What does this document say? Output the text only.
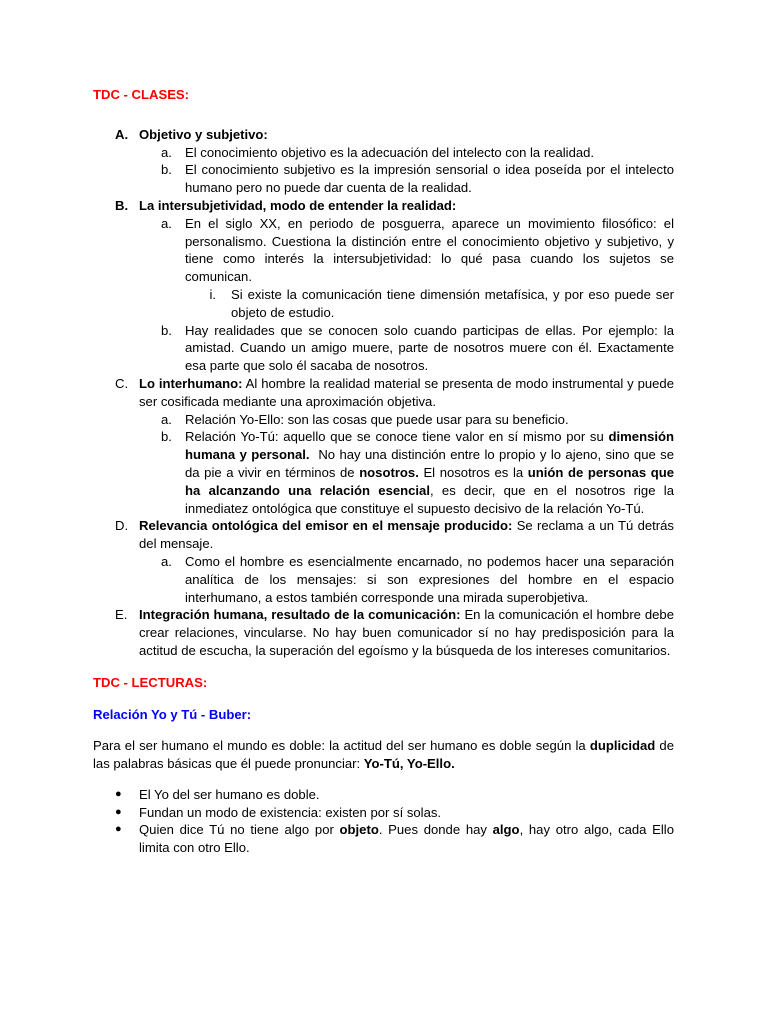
TDC - CLASES:

A. Objetivo y subjetivo:

a. El conocimiento objetivo es la adecuación del intelecto con la realidad.

b. El conocimiento subjetivo es la impresión sensorial o idea poseída por el intelecto humano pero no puede dar cuenta de la realidad.

B. La intersubjetividad, modo de entender la realidad:

a. En el siglo XX, en periodo de posguerra, aparece un movimiento filosófico: el personalismo. Cuestiona la distinción entre el conocimiento objetivo y subjetivo, y tiene como interés la intersubjetividad: lo qué pasa cuando los sujetos se comunican.

i. Si existe la comunicación tiene dimensión metafísica, y por eso puede ser objeto de estudio.

b. Hay realidades que se conocen solo cuando participas de ellas. Por ejemplo: la amistad. Cuando un amigo muere, parte de nosotros muere con él. Exactamente esa parte que solo él sacaba de nosotros.

C. Lo interhumano: Al hombre la realidad material se presenta de modo instrumental y puede ser cosificada mediante una aproximación objetiva.

a. Relación Yo-Ello: son las cosas que puede usar para su beneficio.

b. Relación Yo-Tú: aquello que se conoce tiene valor en sí mismo por su dimensión humana y personal.  No hay una distinción entre lo propio y lo ajeno, sino que se da pie a vivir en términos de nosotros. El nosotros es la unión de personas que ha alcanzando una relación esencial, es decir, que en el nosotros rige la inmediatez ontológica que constituye el supuesto decisivo de la relación Yo-Tú.

D. Relevancia ontológica del emisor en el mensaje producido: Se reclama a un Tú detrás del mensaje.

a. Como el hombre es esencialmente encarnado, no podemos hacer una separación analítica de los mensajes: si son expresiones del hombre en el espacio interhumano, a estos también corresponde una mirada superobjetiva.

E. Integración humana, resultado de la comunicación: En la comunicación el hombre debe crear relaciones, vincularse. No hay buen comunicador sí no hay predisposición para la actitud de escucha, la superación del egoísmo y la búsqueda de los intereses comunitarios.

TDC - LECTURAS:

Relación Yo y Tú - Buber:

Para el ser humano el mundo es doble: la actitud del ser humano es doble según la duplicidad de las palabras básicas que él puede pronunciar: Yo-Tú, Yo-Ello.

● El Yo del ser humano es doble.

● Fundan un modo de existencia: existen por sí solas.

● Quien dice Tú no tiene algo por objeto. Pues donde hay algo, hay otro algo, cada Ello limita con otro Ello.
